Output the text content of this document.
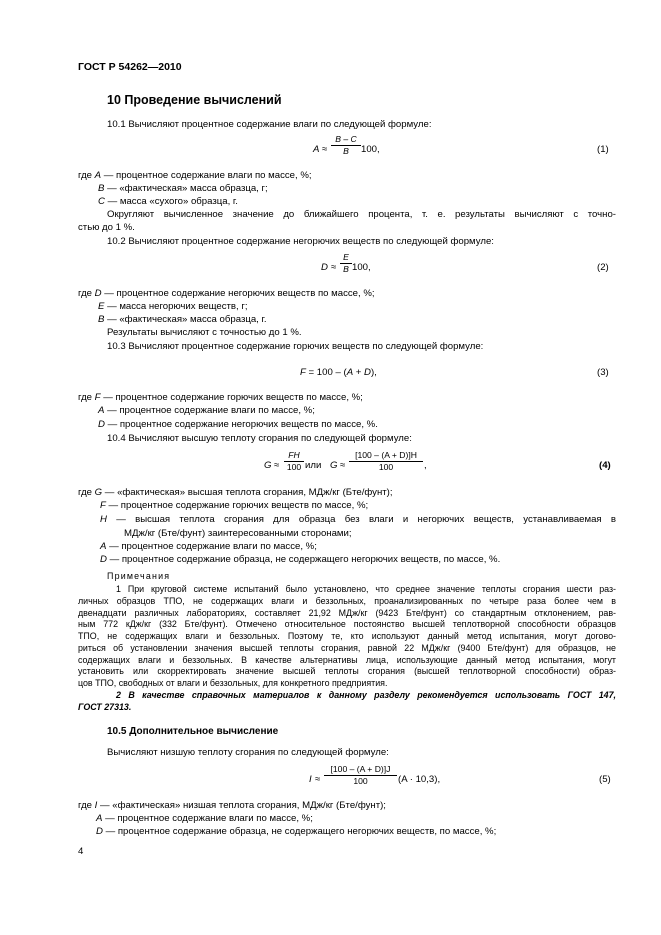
ГОСТ Р 54262—2010
10 Проведение вычислений
10.1 Вычисляют процентное содержание влаги по следующей формуле:
A ≈
B – C
B	100,	(1)
где A — процентное содержание влаги по массе, %;
B — «фактическая» масса образца, г;
C — масса «сухого» образца, г.
Округляют вычисленное значение до ближайшего процента, т. е. результаты вычисляют с точно-
стью до 1 %.
10.2 Вычисляют процентное содержание негорючих веществ по следующей формуле:
D ≈
E
B 100,	(2)
где D — процентное содержание негорючих веществ по массе, %;
E — масса негорючих веществ, г;
B — «фактическая» масса образца, г.
Результаты вычисляют с точностью до 1 %.
10.3 Вычисляют процентное содержание горючих веществ по следующей формуле:
F = 100 – (A + D),	(3)
где F — процентное содержание горючих веществ по массе, %;
A — процентное содержание влаги по массе, %;
D — процентное содержание негорючих веществ по массе, %.
10.4 Вычисляют высшую теплоту сгорания по следующей формуле:
G ≈
FH
100 или G ≈
[100 – (A + D)]H
100	,	(4)
где G — «фактическая» высшая теплота сгорания, МДж/кг (Бте/фунт);
F — процентное содержание горючих веществ по массе, %;
H — высшая теплота сгорания для образца без влаги и негорючих веществ, устанавливаемая в
МДж/кг (Бте/фунт) заинтересованными сторонами;
A — процентное содержание влаги по массе, %;
D — процентное содержание образца, не содержащего негорючих веществ, по массе, %.
Примечания
1 При круговой системе испытаний было установлено, что среднее значение теплоты сгорания шести раз-
личных образцов ТПО, не содержащих влаги и беззольных, проанализированных по четыре раза более чем в
двенадцати различных лабораториях, составляет 21,92 МДж/кг (9423 Бте/фунт) со стандартным отклонением, рав-
ным 772 кДж/кг (332 Бте/фунт). Отмечено относительное постоянство высшей теплотворной способности образцов
ТПО, не содержащих влаги и беззольных. Поэтому те, кто используют данный метод испытания, могут догово-
риться об установлении значения высшей теплоты сгорания, равной 22 МДж/кг (9400 Бте/фунт) для образцов, не
содержащих влаги и беззольных. В качестве альтернативы лица, использующие данный метод испытания, могут
установить или скорректировать значение высшей теплоты сгорания (высшей теплотворной способности) образ-
цов ТПО, свободных от влаги и беззольных, для конкретного предприятия.
2 В качестве справочных материалов к данному разделу рекомендуется использовать ГОСТ 147,
ГОСТ 27313.
10.5 Дополнительное вычисление
Вычисляют низшую теплоту сгорания по следующей формуле:
I ≈
[100 – (A + D)]J
100	(A · 10,3),	(5)
где I — «фактическая» низшая теплота сгорания, МДж/кг (Бте/фунт);
A — процентное содержание влаги по массе, %;
D — процентное содержание образца, не содержащего негорючих веществ, по массе, %;
4
